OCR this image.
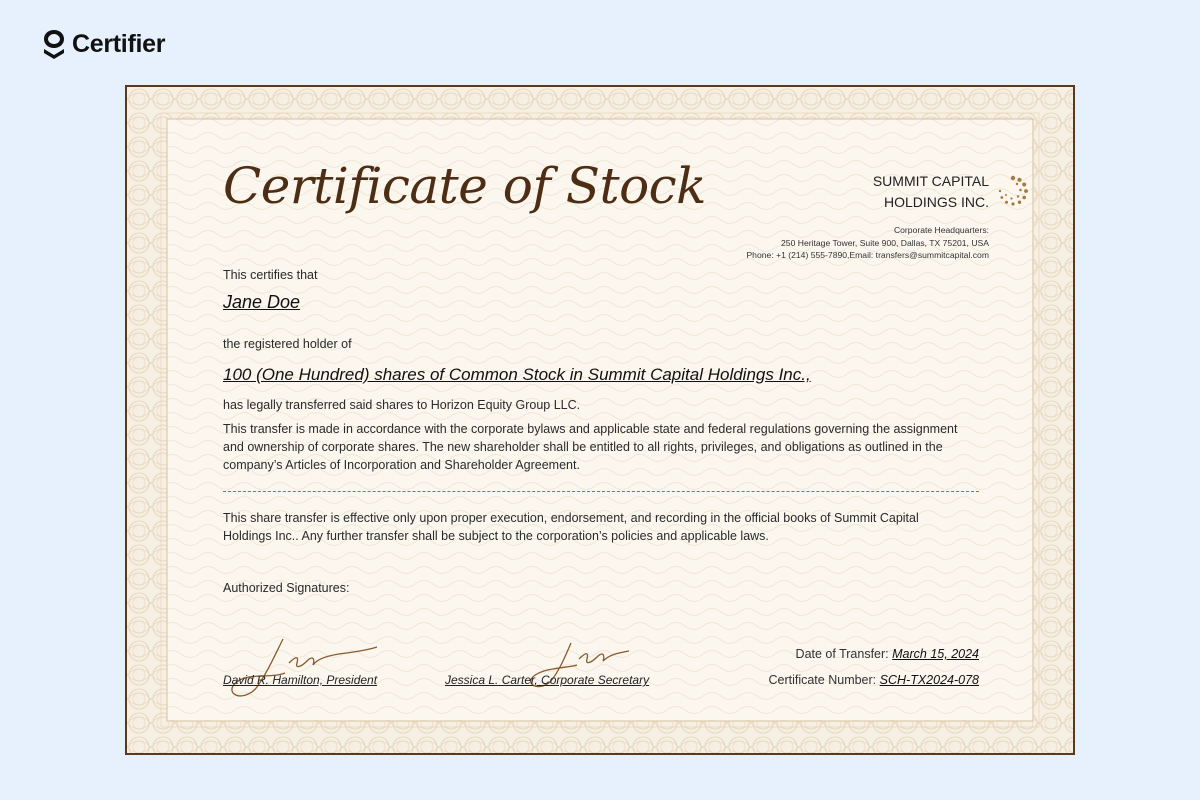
Certifier
Certificate of Stock	SUMMIT CAPITAL
HOLDINGS INC.
Corporate Headquarters:
250 Heritage Tower, Suite 900, Dallas, TX 75201, USA
Phone: +1 (214) 555-7890,Email: transfers@summitcapital.com
This certifies that
Jane Doe
the registered holder of
100 (One Hundred) shares of Common Stock in Summit Capital Holdings Inc.,
has legally transferred said shares to Horizon Equity Group LLC.
This transfer is made in accordance with the corporate bylaws and applicable state and federal regulations governing the assignment and ownership of corporate shares. The new shareholder shall be entitled to all rights, privileges, and obligations as outlined in the company’s Articles of Incorporation and Shareholder Agreement.
This share transfer is effective only upon proper execution, endorsement, and recording in the official books of Summit Capital Holdings Inc.. Any further transfer shall be subject to the corporation’s policies and applicable laws.
Authorized Signatures:
David R. Hamilton, President	Jessica L. Carter, Corporate Secretary
Date of Transfer: March 15, 2024
Certificate Number: SCH-TX2024-078
